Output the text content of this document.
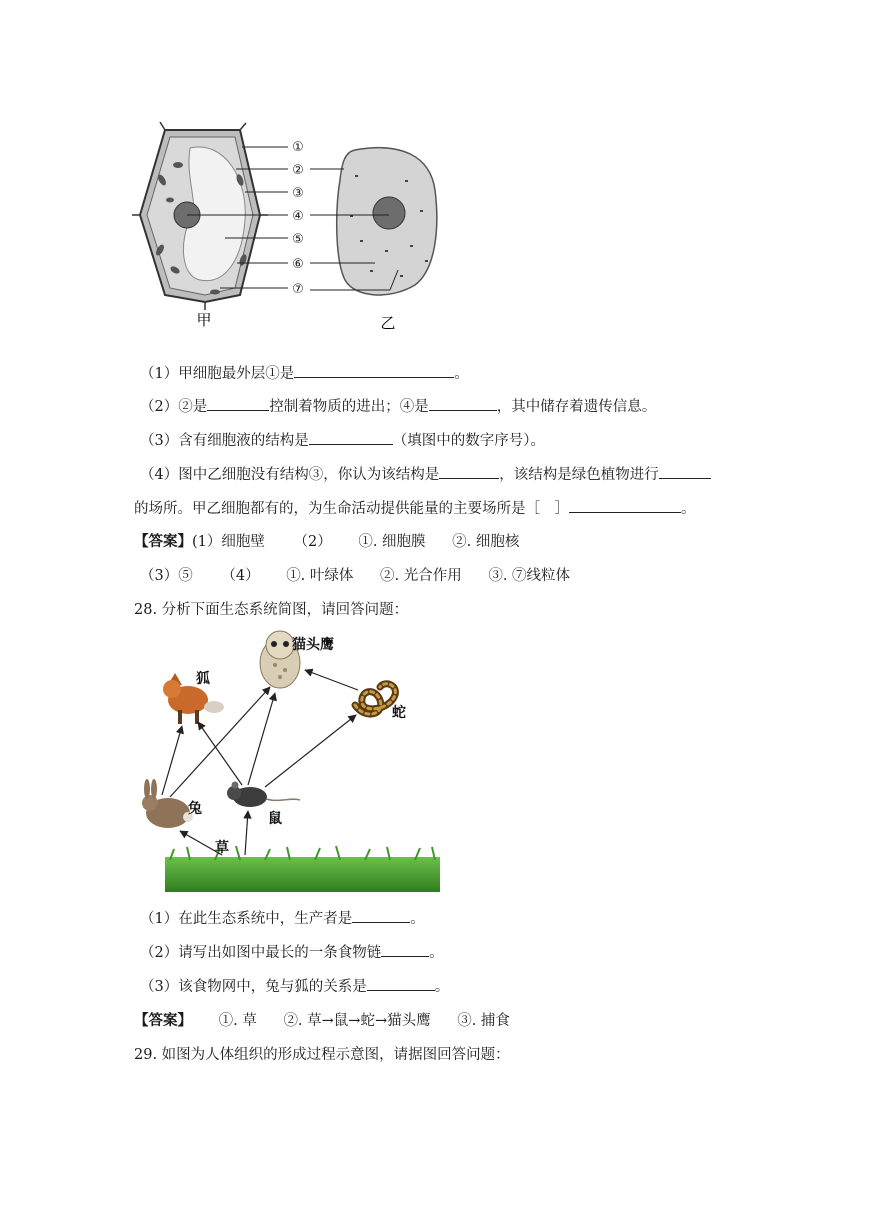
①
②
③
④
⑤
⑥
⑦
甲	乙
（1）甲细胞最外层①是	。
（2）②是	控制着物质的进出；④是	，其中储存着遗传信息。
（3）含有细胞液的结构是	（填图中的数字序号）。
（4）图中乙细胞没有结构③，你认为该结构是	，该结构是绿色植物进行
的场所。甲乙细胞都有的，为生命活动提供能量的主要场所是［　］	。
【答案】(1）细胞壁 （2） ①. 细胞膜 ②. 细胞核
（3）⑤ （4） ①. 叶绿体 ②. 光合作用 ③. ⑦线粒体
28. 分析下面生态系统简图，请回答问题：
猫头鹰
狐
蛇
兔
鼠
草
（1）在此生态系统中，生产者是	。
（2）请写出如图中最长的一条食物链	。
（3）该食物网中，兔与狐的关系是	。
【答案】 ①. 草 ②. 草→鼠→蛇→猫头鹰 ③. 捕食
29. 如图为人体组织的形成过程示意图，请据图回答问题：
